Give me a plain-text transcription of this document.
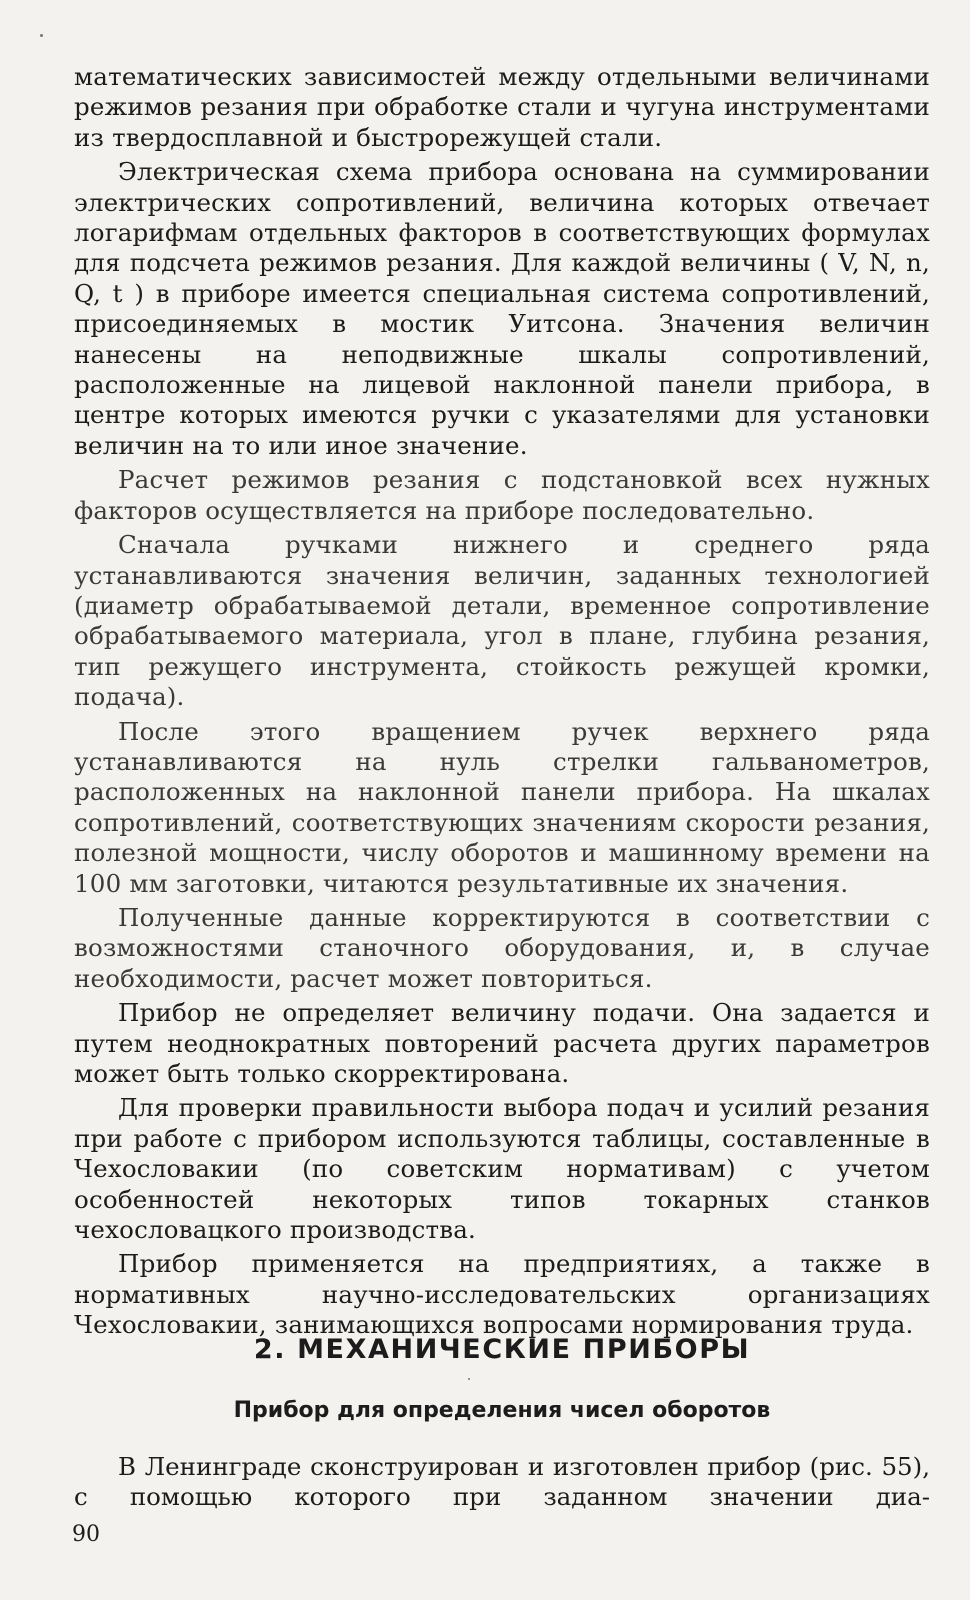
математических зависимостей между отдельными величинами режимов резания при обработке стали и чугуна инструментами из твердосплавной и быстрорежущей стали.

Электрическая схема прибора основана на суммировании электрических сопротивлений, величина которых отвечает логарифмам отдельных факторов в соответствующих формулах для подсчета режимов резания. Для каждой величины ( V, N, n, Q, t ) в приборе имеется специальная система сопротивлений, присоединяемых в мостик Уитсона. Значения величин нанесены на неподвижные шкалы сопротивлений, расположенные на лицевой наклонной панели прибора, в центре которых имеются ручки с указателями для установки величин на то или иное значение.

Расчет режимов резания с подстановкой всех нужных факторов осуществляется на приборе последовательно.

Сначала ручками нижнего и среднего ряда устанавливаются значения величин, заданных технологией (диаметр обрабатываемой детали, временное сопротивление обрабатываемого материала, угол в плане, глубина резания, тип режущего инструмента, стойкость режущей кромки, подача).

После этого вращением ручек верхнего ряда устанавливаются на нуль стрелки гальванометров, расположенных на наклонной панели прибора. На шкалах сопротивлений, соответствующих значениям скорости резания, полезной мощности, числу оборотов и машинному времени на 100 мм заготовки, читаются результативные их значения.

Полученные данные корректируются в соответствии с возможностями станочного оборудования, и, в случае необходимости, расчет может повториться.

Прибор не определяет величину подачи. Она задается и путем неоднократных повторений расчета других параметров может быть только скорректирована.

Для проверки правильности выбора подач и усилий резания при работе с прибором используются таблицы, составленные в Чехословакии (по советским нормативам) с учетом особенностей некоторых типов токарных станков чехословацкого производства.

Прибор применяется на предприятиях, а также в нормативных научно-исследовательских организациях Чехословакии, занимающихся вопросами нормирования труда.

2. МЕХАНИЧЕСКИЕ ПРИБОРЫ
Прибор для определения чисел оборотов

В Ленинграде сконструирован и изготовлен прибор (рис. 55), с помощью которого при заданном значении диа-

90
